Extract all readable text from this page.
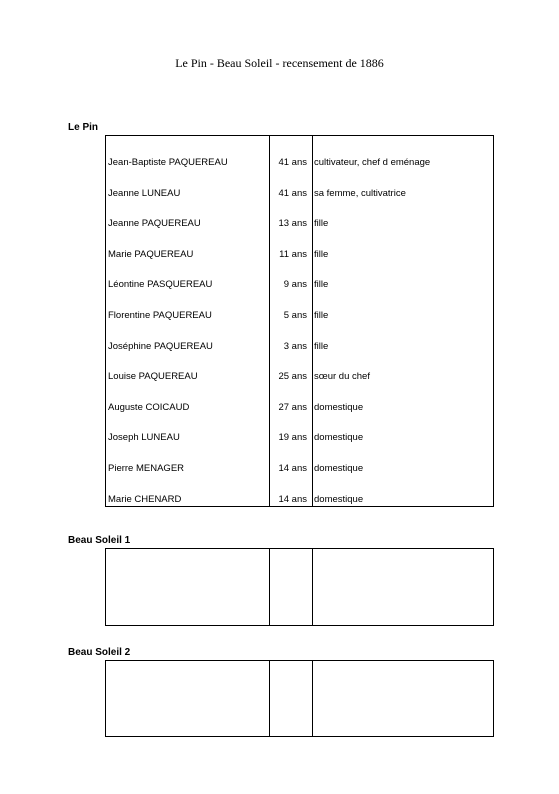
Le Pin - Beau Soleil - recensement de 1886
Le Pin
Jean-Baptiste PAQUEREAU	41 ans cultivateur, chef d eménage
Jeanne LUNEAU	41 ans sa femme, cultivatrice
Jeanne PAQUEREAU	13 ans fille
Marie PAQUEREAU	11 ans fille
Léontine PASQUEREAU	9 ans fille
Florentine PAQUEREAU	5 ans fille
Joséphine PAQUEREAU	3 ans fille
Louise PAQUEREAU	25 ans sœur du chef
Auguste COICAUD	27 ans domestique
Joseph LUNEAU	19 ans domestique
Pierre MENAGER	14 ans domestique
Marie CHENARD	14 ans domestique
Beau Soleil 1
Beau Soleil 2
